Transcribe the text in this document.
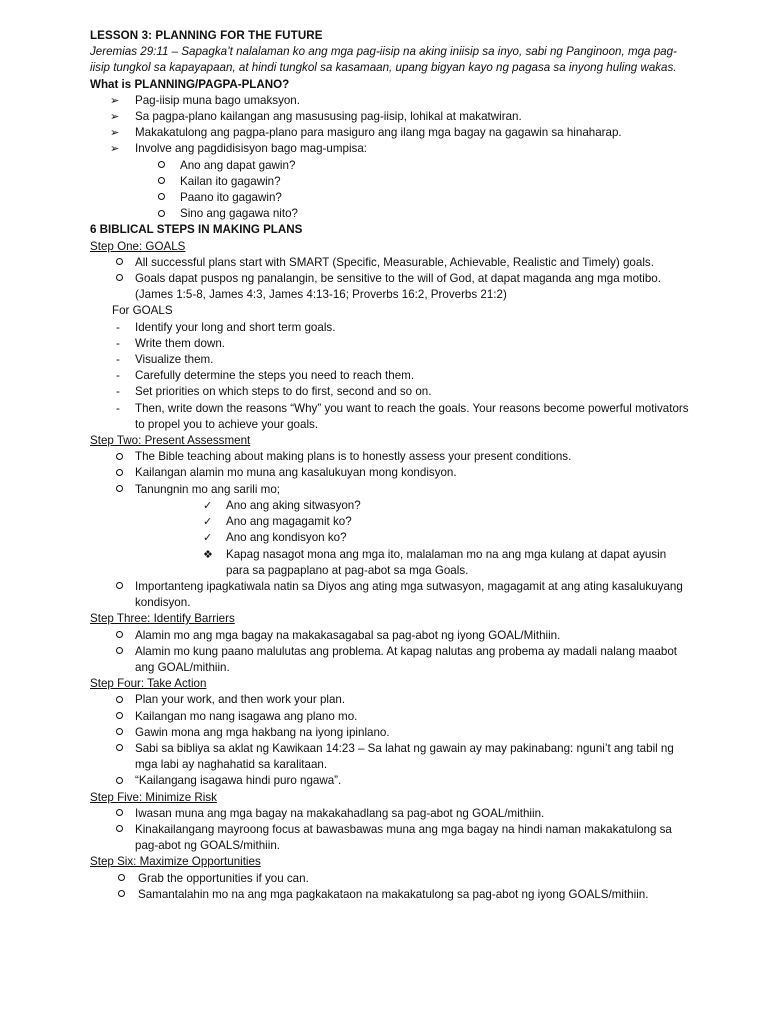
LESSON 3: PLANNING FOR THE FUTURE
Jeremias 29:11 – Sapagka’t nalalaman ko ang mga pag-iisip na aking iniisip sa inyo, sabi ng Panginoon, mga pag-iisip tungkol sa kapayapaan, at hindi tungkol sa kasamaan, upang bigyan kayo ng pagasa sa inyong huling wakas.
What is PLANNING/PAGPA-PLANO?
➢ Pag-iisip muna bago umaksyon.
➢ Sa pagpa-plano kailangan ang masususing pag-iisip, lohikal at makatwiran.
➢ Makakatulong ang pagpa-plano para masiguro ang ilang mga bagay na gagawin sa hinaharap.
➢ Involve ang pagdidisisyon bago mag-umpisa:
Ano ang dapat gawin?
Kailan ito gagawin?
Paano ito gagawin?
Sino ang gagawa nito?
6 BIBLICAL STEPS IN MAKING PLANS
Step One: GOALS
All successful plans start with SMART (Specific, Measurable, Achievable, Realistic and Timely) goals.
Goals dapat puspos ng panalangin, be sensitive to the will of God, at dapat maganda ang mga motibo. (James 1:5-8, James 4:3, James 4:13-16; Proverbs 16:2, Proverbs 21:2)
For GOALS
- Identify your long and short term goals.
- Write them down.
- Visualize them.
- Carefully determine the steps you need to reach them.
- Set priorities on which steps to do first, second and so on.
- Then, write down the reasons “Why” you want to reach the goals. Your reasons become powerful motivators to propel you to achieve your goals.
Step Two: Present Assessment
The Bible teaching about making plans is to honestly assess your present conditions.
Kailangan alamin mo muna ang kasalukuyan mong kondisyon.
Tanungnin mo ang sarili mo;
✓ Ano ang aking sitwasyon?
✓ Ano ang magagamit ko?
✓ Ano ang kondisyon ko?
❖ Kapag nasagot mona ang mga ito, malalaman mo na ang mga kulang at dapat ayusin para sa pagpaplano at pag-abot sa mga Goals.
Importanteng ipagkatiwala natin sa Diyos ang ating mga sutwasyon, magagamit at ang ating kasalukuyang kondisyon.
Step Three: Identify Barriers
Alamin mo ang mga bagay na makakasagabal sa pag-abot ng iyong GOAL/Mithiin.
Alamin mo kung paano malulutas ang problema. At kapag nalutas ang probema ay madali nalang maabot ang GOAL/mithiin.
Step Four: Take Action
Plan your work, and then work your plan.
Kailangan mo nang isagawa ang plano mo.
Gawin mona ang mga hakbang na iyong ipinlano.
Sabi sa bibliya sa aklat ng Kawikaan 14:23 – Sa lahat ng gawain ay may pakinabang: nguni’t ang tabil ng mga labi ay naghahatid sa karalitaan.
“Kailangang isagawa hindi puro ngawa”.
Step Five: Minimize Risk
Iwasan muna ang mga bagay na makakahadlang sa pag-abot ng GOAL/mithiin.
Kinakailangang mayroong focus at bawasbawas muna ang mga bagay na hindi naman makakatulong sa pag-abot ng GOALS/mithiin.
Step Six: Maximize Opportunities
Grab the opportunities if you can.
Samantalahin mo na ang mga pagkakataon na makakatulong sa pag-abot ng iyong GOALS/mithiin.
